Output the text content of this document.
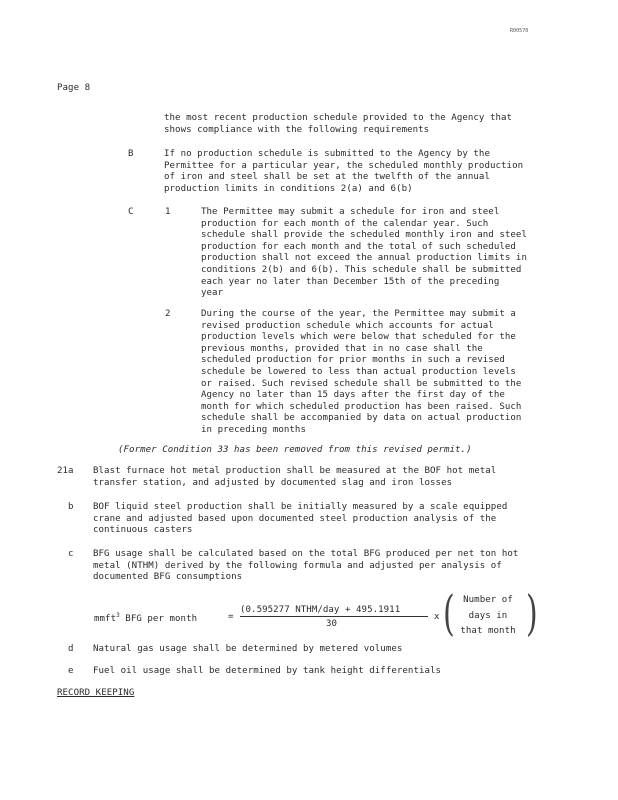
R00570
Page 8
the most recent production schedule provided to the Agency that
shows compliance with the following requirements
B	If no production schedule is submitted to the Agency by the
Permittee for a particular year, the scheduled monthly production
of iron and steel shall be set at the twelfth of the annual
production limits in conditions 2(a) and 6(b)
C	1	The Permittee may submit a schedule for iron and steel
production for each month of the calendar year. Such
schedule shall provide the scheduled monthly iron and steel
production for each month and the total of such scheduled
production shall not exceed the annual production limits in
conditions 2(b) and 6(b). This schedule shall be submitted
each year no later than December 15th of the preceding
year
2	During the course of the year, the Permittee may submit a
revised production schedule which accounts for actual
production levels which were below that scheduled for the
previous months, provided that in no case shall the
scheduled production for prior months in such a revised
schedule be lowered to less than actual production levels
or raised. Such revised schedule shall be submitted to the
Agency no later than 15 days after the first day of the
month for which scheduled production has been raised. Such
schedule shall be accompanied by data on actual production
in preceding months
(Former Condition 33 has been removed from this revised permit.)
21a Blast furnace hot metal production shall be measured at the BOF hot metal
transfer station, and adjusted by documented slag and iron losses
b BOF liquid steel production shall be initially measured by a scale equipped
crane and adjusted based upon documented steel production analysis of the
continuous casters
c BFG usage shall be calculated based on the total BFG produced per net ton hot
metal (NTHM) derived by the following formula and adjusted per analysis of
documented BFG consumptions
mmft$^3$ BFG per month	=
(0.595277 NTHM/day + 495.1911
30
x ( Number of
days in
that month )
d Natural gas usage shall be determined by metered volumes
e Fuel oil usage shall be determined by tank height differentials
RECORD KEEPING
